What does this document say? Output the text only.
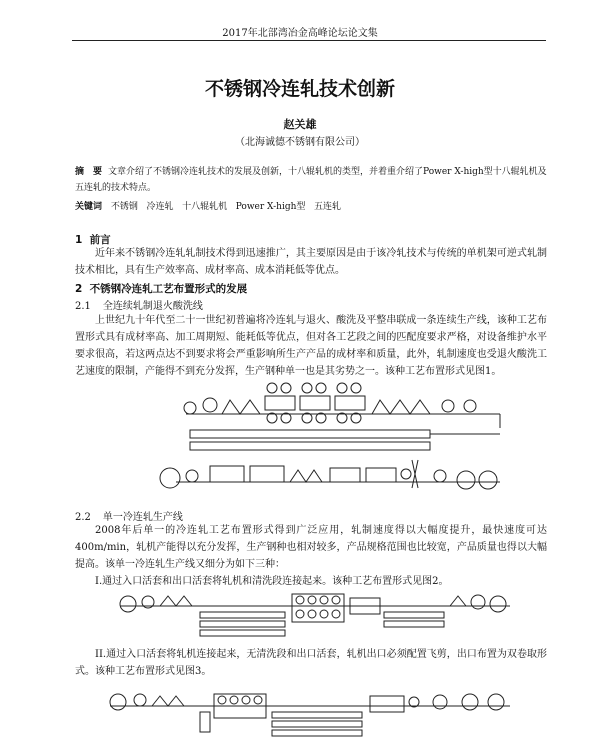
2017年北部湾冶金高峰论坛论文集
不锈钢冷连轧技术创新
赵关雄
（北海诚德不锈钢有限公司）
摘　要 文章介绍了不锈钢冷连轧技术的发展及创新，十八辊轧机的类型，并着重介绍了Power X-high型十八辊轧机及五连轧的技术特点。
关键词 不锈钢 冷连轧 十八辊轧机 Power X-high型 五连轧
1 前言
近年来不锈钢冷连轧轧制技术得到迅速推广，其主要原因是由于该冷轧技术与传统的单机架可逆式轧制技术相比，具有生产效率高、成材率高、成本消耗低等优点。
2 不锈钢冷连轧工艺布置形式的发展
2.1 全连续轧制退火酸洗线
上世纪九十年代至二十一世纪初普遍将冷连轧与退火、酸洗及平整串联成一条连续生产线，该种工艺布置形式具有成材率高、加工周期短、能耗低等优点，但对各工艺段之间的匹配度要求严格，对设备维护水平要求很高，若这两点达不到要求将会严重影响所生产产品的成材率和质量，此外，轧制速度也受退火酸洗工艺速度的限制，产能得不到充分发挥，生产钢种单一也是其劣势之一。该种工艺布置形式见图1。
2.2 单一冷连轧生产线
2008年后单一的冷连轧工艺布置形式得到广泛应用，轧制速度得以大幅度提升，最快速度可达400m/min，轧机产能得以充分发挥，生产钢种也相对较多，产品规格范围也比较宽，产品质量也得以大幅提高。该单一冷连轧生产线又细分为如下三种：
I.通过入口活套和出口活套将轧机和清洗段连接起来。该种工艺布置形式见图2。
II.通过入口活套将轧机连接起来，无清洗段和出口活套，轧机出口必须配置飞剪，出口布置为双卷取形式。该种工艺布置形式见图3。
